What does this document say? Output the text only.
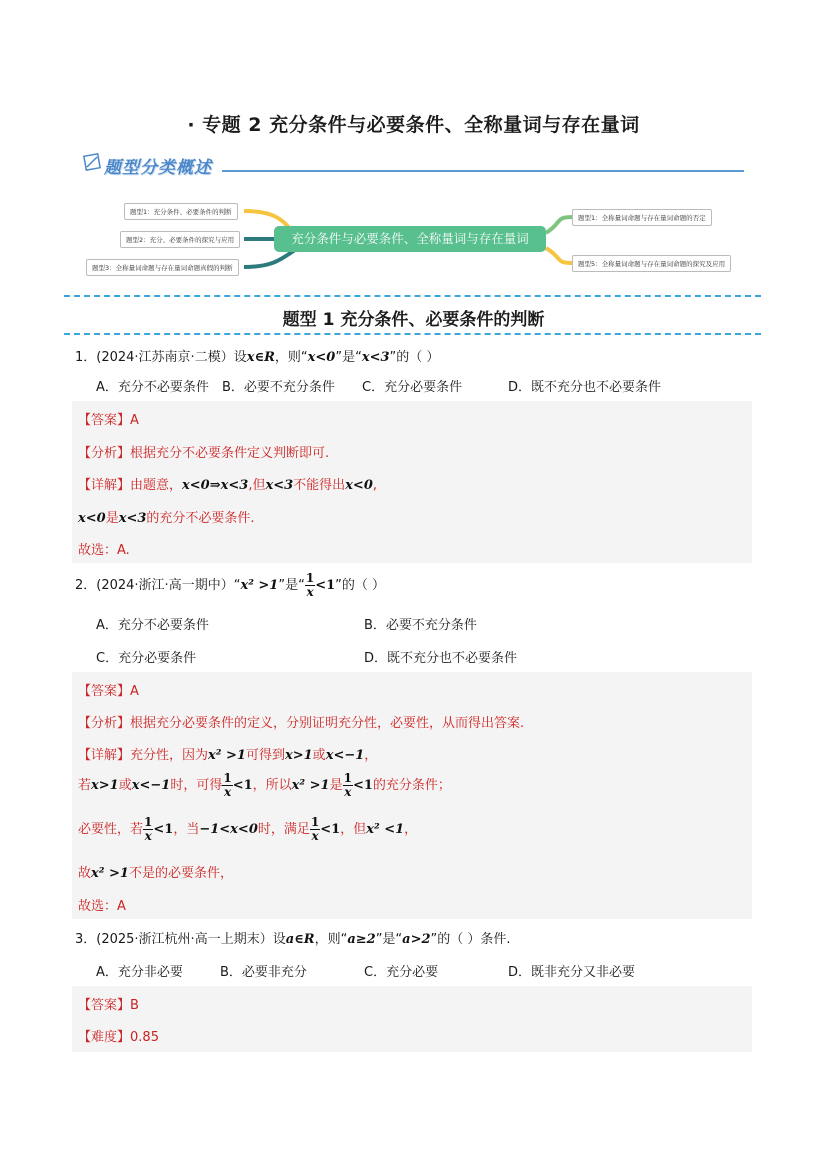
· 专题 2 充分条件与必要条件、全称量词与存在量词
题型分类概述
题型1：充分条件、必要条件的判断
题型2：充分、必要条件的探究与应用
题型3：全称量词命题与存在量词命题真假的判断
充分条件与必要条件、全称量词与存在量词
题型1：全称量词命题与存在量词命题的否定
题型5：全称量词命题与存在量词命题的探究及应用
题型 1 充分条件、必要条件的判断
1．(2024·江苏南京·二模）设x∈R，则“x<0”是“x<3”的（ ）
A．充分不必要条件 B．必要不充分条件 C．充分必要条件	D．既不充分也不必要条件
【答案】A
【分析】根据充分不必要条件定义判断即可.
【详解】由题意，x<0⇒x<3,但x<3不能得出x<0,
x<0是x<3的充分不必要条件.
故选：A.
2．(2024·浙江·高一期中）“x² >1”是“ $\frac{1}{x} <1$”的（ ）
A．充分不必要条件	B．必要不充分条件
C．充分必要条件	D．既不充分也不必要条件
【答案】A
【分析】根据充分必要条件的定义，分别证明充分性，必要性，从而得出答案.
【详解】充分性，因为x² >1可得到x>1或x<−1，
若x>1或x<−1时，可得 $\frac{1}{x} <1$，所以x² >1是 $\frac{1}{x} <1$的充分条件；
必要性，若 $\frac{1}{x} <1$，当−1<x<0时，满足 $\frac{1}{x} <1$，但x² <1，
故x² >1不是的必要条件，
故选：A
3．(2025·浙江杭州·高一上期末）设a∈R，则“a≥2”是“a>2”的（ ）条件.
A．充分非必要	B．必要非充分	C．充分必要	D．既非充分又非必要
【答案】B
【难度】0.85
